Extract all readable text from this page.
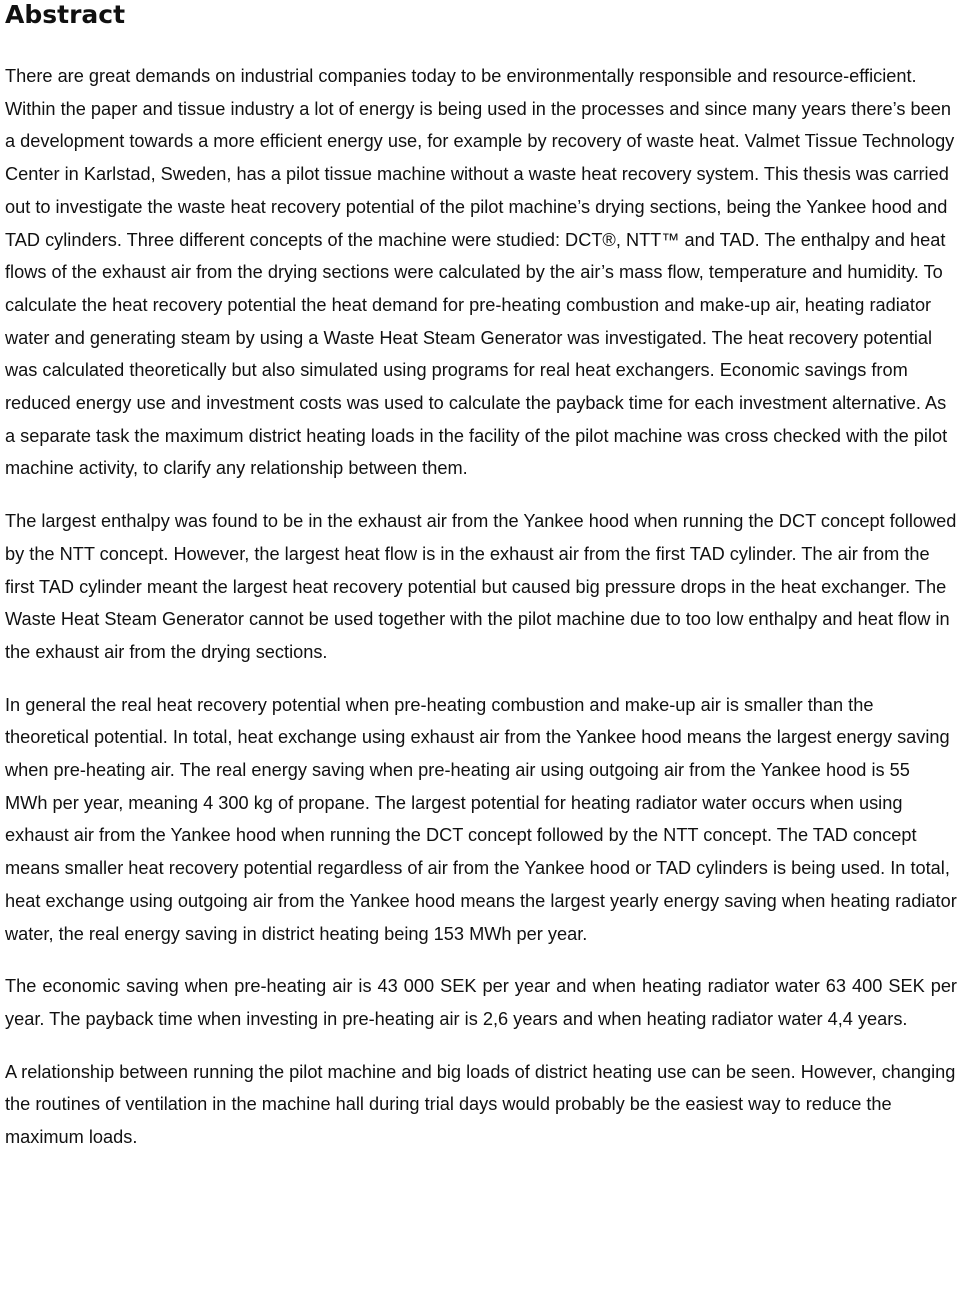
Abstract

There are great demands on industrial companies today to be environmentally responsible and resource-efficient. Within the paper and tissue industry a lot of energy is being used in the processes and since many years there’s been a development towards a more efficient energy use, for example by recovery of waste heat. Valmet Tissue Technology Center in Karlstad, Sweden, has a pilot tissue machine without a waste heat recovery system. This thesis was carried out to investigate the waste heat recovery potential of the pilot machine’s drying sections, being the Yankee hood and TAD cylinders. Three different concepts of the machine were studied: DCT®, NTT™ and TAD. The enthalpy and heat flows of the exhaust air from the drying sections were calculated by the air’s mass flow, temperature and humidity. To calculate the heat recovery potential the heat demand for pre-heating combustion and make-up air, heating radiator water and generating steam by using a Waste Heat Steam Generator was investigated. The heat recovery potential was calculated theoretically but also simulated using programs for real heat exchangers. Economic savings from reduced energy use and investment costs was used to calculate the payback time for each investment alternative. As a separate task the maximum district heating loads in the facility of the pilot machine was cross checked with the pilot machine activity, to clarify any relationship between them.

The largest enthalpy was found to be in the exhaust air from the Yankee hood when running the DCT concept followed by the NTT concept. However, the largest heat flow is in the exhaust air from the first TAD cylinder. The air from the first TAD cylinder meant the largest heat recovery potential but caused big pressure drops in the heat exchanger. The Waste Heat Steam Generator cannot be used together with the pilot machine due to too low enthalpy and heat flow in the exhaust air from the drying sections.

In general the real heat recovery potential when pre-heating combustion and make-up air is smaller than the theoretical potential. In total, heat exchange using exhaust air from the Yankee hood means the largest energy saving when pre-heating air. The real energy saving when pre-heating air using outgoing air from the Yankee hood is 55 MWh per year, meaning 4 300 kg of propane. The largest potential for heating radiator water occurs when using exhaust air from the Yankee hood when running the DCT concept followed by the NTT concept. The TAD concept means smaller heat recovery potential regardless of air from the Yankee hood or TAD cylinders is being used. In total, heat exchange using outgoing air from the Yankee hood means the largest yearly energy saving when heating radiator water, the real energy saving in district heating being 153 MWh per year.

The economic saving when pre-heating air is 43 000 SEK per year and when heating radiator water 63 400 SEK per year. The payback time when investing in pre-heating air is 2,6 years and when heating radiator water 4,4 years.

A relationship between running the pilot machine and big loads of district heating use can be seen. However, changing the routines of ventilation in the machine hall during trial days would probably be the easiest way to reduce the maximum loads.
